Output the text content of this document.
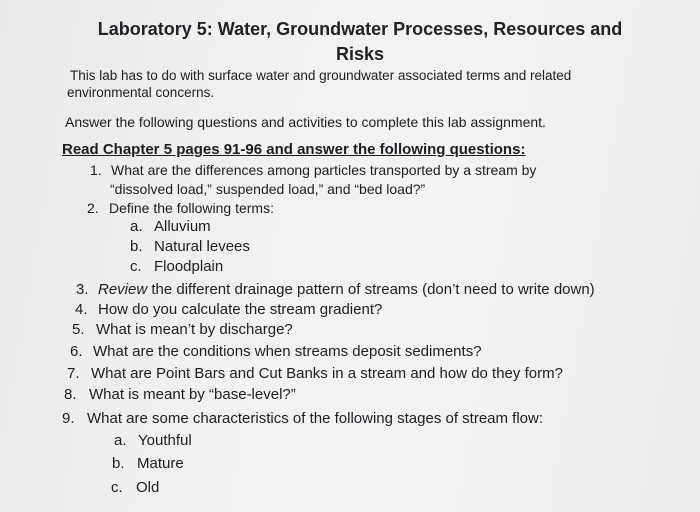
Laboratory 5: Water, Groundwater Processes, Resources and
Risks
This lab has to do with surface water and groundwater associated terms and related
environmental concerns.
Answer the following questions and activities to complete this lab assignment.
Read Chapter 5 pages 91-96 and answer the following questions:
1. What are the differences among particles transported by a stream by
“dissolved load,” suspended load,” and “bed load?”
2. Define the following terms:
a. Alluvium
b. Natural levees
c. Floodplain
3. Review the different drainage pattern of streams (don’t need to write down)
4. How do you calculate the stream gradient?
5. What is mean’t by discharge?
6. What are the conditions when streams deposit sediments?
7. What are Point Bars and Cut Banks in a stream and how do they form?
8. What is meant by “base-level?”
9. What are some characteristics of the following stages of stream flow:
a. Youthful
b. Mature
c. Old
